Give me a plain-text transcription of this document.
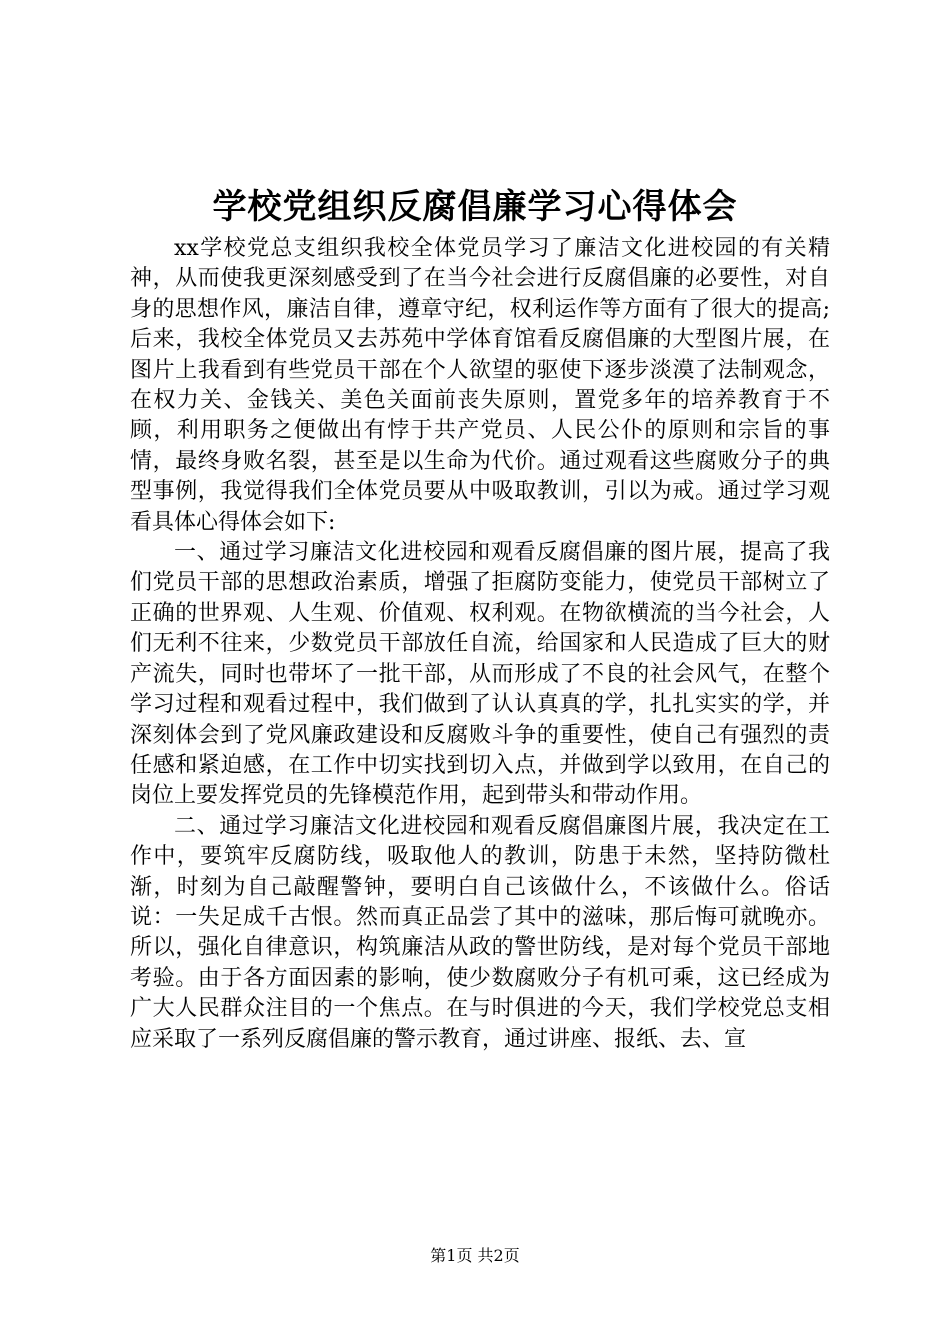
学校党组织反腐倡廉学习心得体会

xx学校党总支组织我校全体党员学习了廉洁文化进校园的有关精神，从而使我更深刻感受到了在当今社会进行反腐倡廉的必要性，对自身的思想作风，廉洁自律，遵章守纪，权利运作等方面有了很大的提高;后来，我校全体党员又去苏苑中学体育馆看反腐倡廉的大型图片展，在图片上我看到有些党员干部在个人欲望的驱使下逐步淡漠了法制观念，在权力关、金钱关、美色关面前丧失原则，置党多年的培养教育于不顾，利用职务之便做出有悖于共产党员、人民公仆的原则和宗旨的事情，最终身败名裂，甚至是以生命为代价。通过观看这些腐败分子的典型事例，我觉得我们全体党员要从中吸取教训，引以为戒。通过学习观看具体心得体会如下:

一、通过学习廉洁文化进校园和观看反腐倡廉的图片展，提高了我们党员干部的思想政治素质，增强了拒腐防变能力，使党员干部树立了正确的世界观、人生观、价值观、权利观。在物欲横流的当今社会，人们无利不往来，少数党员干部放任自流，给国家和人民造成了巨大的财产流失，同时也带坏了一批干部，从而形成了不良的社会风气，在整个学习过程和观看过程中，我们做到了认认真真的学，扎扎实实的学，并深刻体会到了党风廉政建设和反腐败斗争的重要性，使自己有强烈的责任感和紧迫感，在工作中切实找到切入点，并做到学以致用，在自己的岗位上要发挥党员的先锋模范作用，起到带头和带动作用。

二、通过学习廉洁文化进校园和观看反腐倡廉图片展，我决定在工作中，要筑牢反腐防线，吸取他人的教训，防患于未然，坚持防微杜渐，时刻为自己敲醒警钟，要明白自己该做什么，不该做什么。俗话说：一失足成千古恨。然而真正品尝了其中的滋味，那后悔可就晚亦。所以，强化自律意识，构筑廉洁从政的警世防线，是对每个党员干部地考验。由于各方面因素的影响，使少数腐败分子有机可乘，这已经成为广大人民群众注目的一个焦点。在与时俱进的今天，我们学校党总支相应采取了一系列反腐倡廉的警示教育，通过讲座、报纸、去、宣

第1页 共2页
